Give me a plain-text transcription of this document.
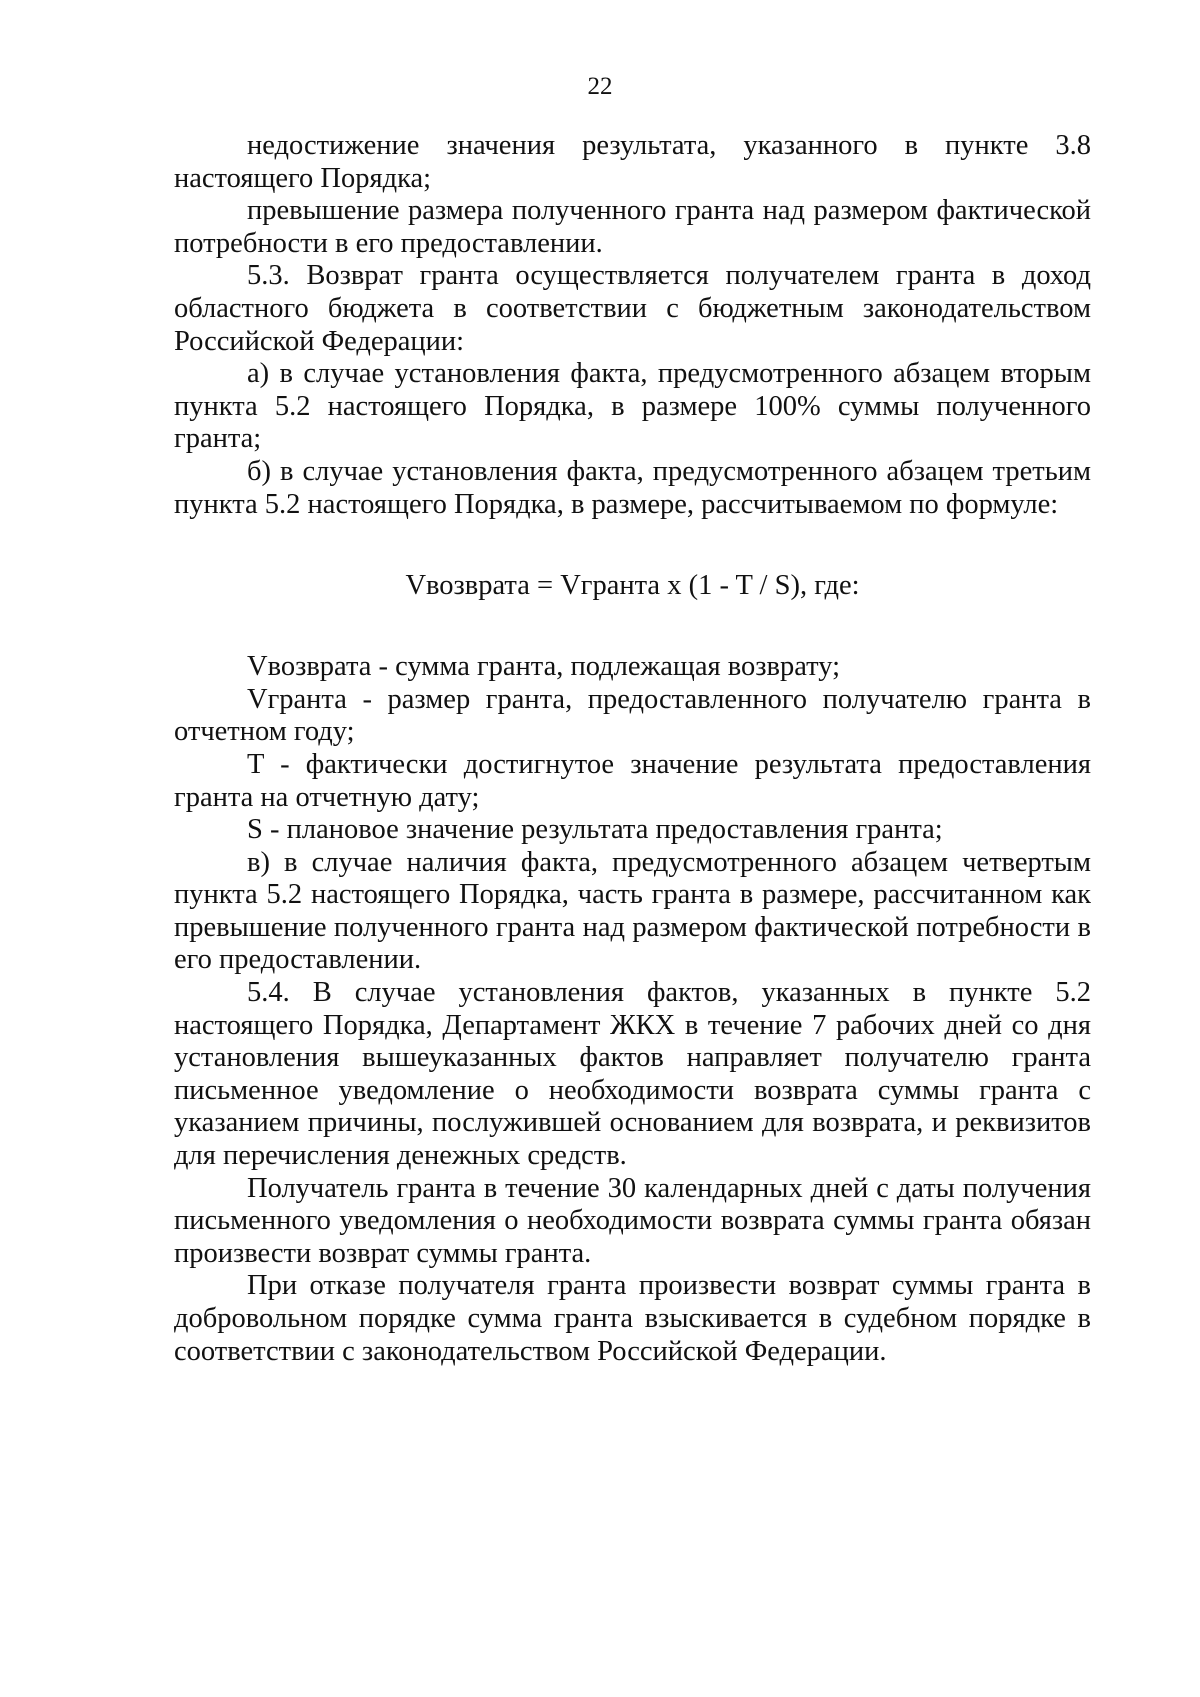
22

недостижение значения результата, указанного в пункте 3.8 настоящего Порядка;

превышение размера полученного гранта над размером фактической потребности в его предоставлении.

5.3. Возврат гранта осуществляется получателем гранта в доход областного бюджета в соответствии с бюджетным законодательством Российской Федерации:

а) в случае установления факта, предусмотренного абзацем вторым пункта 5.2 настоящего Порядка, в размере 100% суммы полученного гранта;

б) в случае установления факта, предусмотренного абзацем третьим пункта 5.2 настоящего Порядка, в размере, рассчитываемом по формуле:

Vвозврата = Vгранта x (1 - T / S), где:

Vвозврата - сумма гранта, подлежащая возврату;

Vгранта - размер гранта, предоставленного получателю гранта в отчетном году;

T - фактически достигнутое значение результата предоставления гранта на отчетную дату;

S - плановое значение результата предоставления гранта;

в) в случае наличия факта, предусмотренного абзацем четвертым пункта 5.2 настоящего Порядка, часть гранта в размере, рассчитанном как превышение полученного гранта над размером фактической потребности в его предоставлении.

5.4. В случае установления фактов, указанных в пункте 5.2 настоящего Порядка, Департамент ЖКХ в течение 7 рабочих дней со дня установления вышеуказанных фактов направляет получателю гранта письменное уведомление о необходимости возврата суммы гранта с указанием причины, послужившей основанием для возврата, и реквизитов для перечисления денежных средств.

Получатель гранта в течение 30 календарных дней с даты получения письменного уведомления о необходимости возврата суммы гранта обязан произвести возврат суммы гранта.

При отказе получателя гранта произвести возврат суммы гранта в добровольном порядке сумма гранта взыскивается в судебном порядке в соответствии с законодательством Российской Федерации.
